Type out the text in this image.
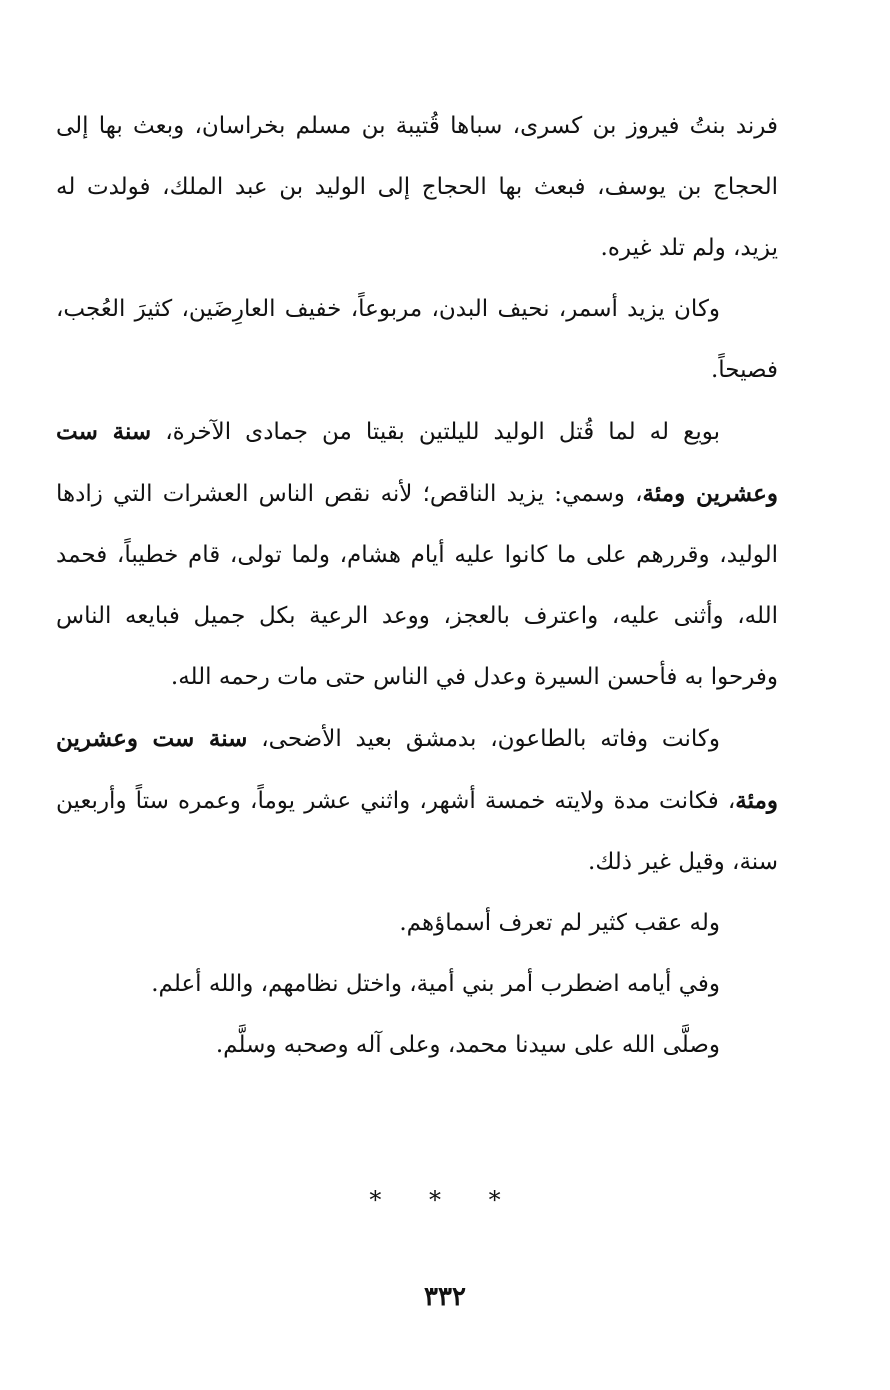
فرند بنتُ فيروز بن كسرى، سباها قُتيبة بن مسلم بخراسان، وبعث بها إلى الحجاج بن يوسف، فبعث بها الحجاج إلى الوليد بن عبد الملك، فولدت له يزيد، ولم تلد غيره.

وكان يزيد أسمر، نحيف البدن، مربوعاً، خفيف العارِضَين، كثيرَ العُجب، فصيحاً.

بويع له لما قُتل الوليد لليلتين بقيتا من جمادى الآخرة، سنة ست وعشرين ومئة، وسمي: يزيد الناقص؛ لأنه نقص الناس العشرات التي زادها الوليد، وقررهم على ما كانوا عليه أيام هشام، ولما تولى، قام خطيباً، فحمد الله، وأثنى عليه، واعترف بالعجز، ووعد الرعية بكل جميل فبايعه الناس وفرحوا به فأحسن السيرة وعدل في الناس حتى مات رحمه الله.

وكانت وفاته بالطاعون، بدمشق بعيد الأضحى، سنة ست وعشرين ومئة، فكانت مدة ولايته خمسة أشهر، واثني عشر يوماً، وعمره ستاً وأربعين سنة، وقيل غير ذلك.

وله عقب كثير لم تعرف أسماؤهم.

وفي أيامه اضطرب أمر بني أمية، واختل نظامهم، والله أعلم.

وصلَّى الله على سيدنا محمد، وعلى آله وصحبه وسلَّم.

* * *
٣٣٢
